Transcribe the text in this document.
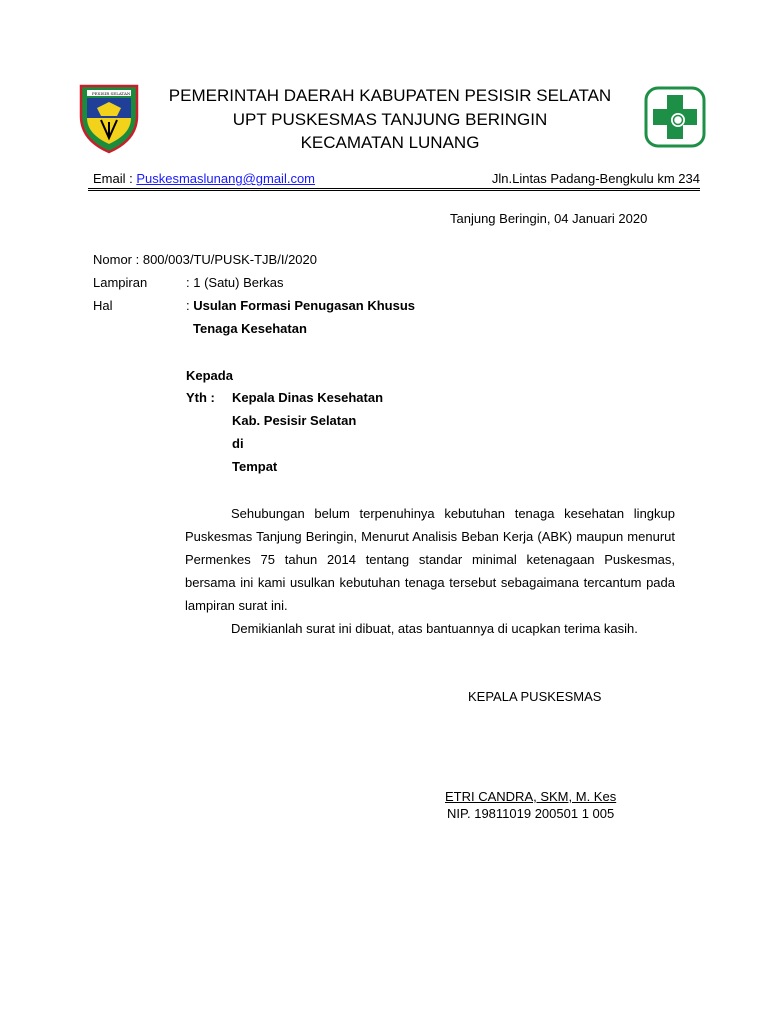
PESISIR SELATAN	PEMERINTAH DAERAH KABUPATEN PESISIR SELATAN
UPT PUSKESMAS TANJUNG BERINGIN
KECAMATAN LUNANG
Email : Puskesmaslunang@gmail.com	Jln.Lintas Padang-Bengkulu km 234
Tanjung Beringin, 04 Januari 2020
Nomor : 800/003/TU/PUSK-TJB/I/2020
Lampiran	: 1 (Satu) Berkas
Hal	: Usulan Formasi Penugasan Khusus
Tenaga Kesehatan
Kepada
Yth : Kepala Dinas Kesehatan
Kab. Pesisir Selatan
di
Tempat
Sehubungan belum terpenuhinya kebutuhan tenaga kesehatan lingkup Puskesmas Tanjung Beringin, Menurut Analisis Beban Kerja (ABK) maupun menurut Permenkes 75 tahun 2014 tentang standar minimal ketenagaan Puskesmas, bersama ini kami usulkan kebutuhan tenaga tersebut sebagaimana tercantum pada lampiran surat ini.
Demikianlah surat ini dibuat, atas bantuannya di ucapkan terima kasih.
KEPALA PUSKESMAS
ETRI CANDRA, SKM, M. Kes
NIP. 19811019 200501 1 005
